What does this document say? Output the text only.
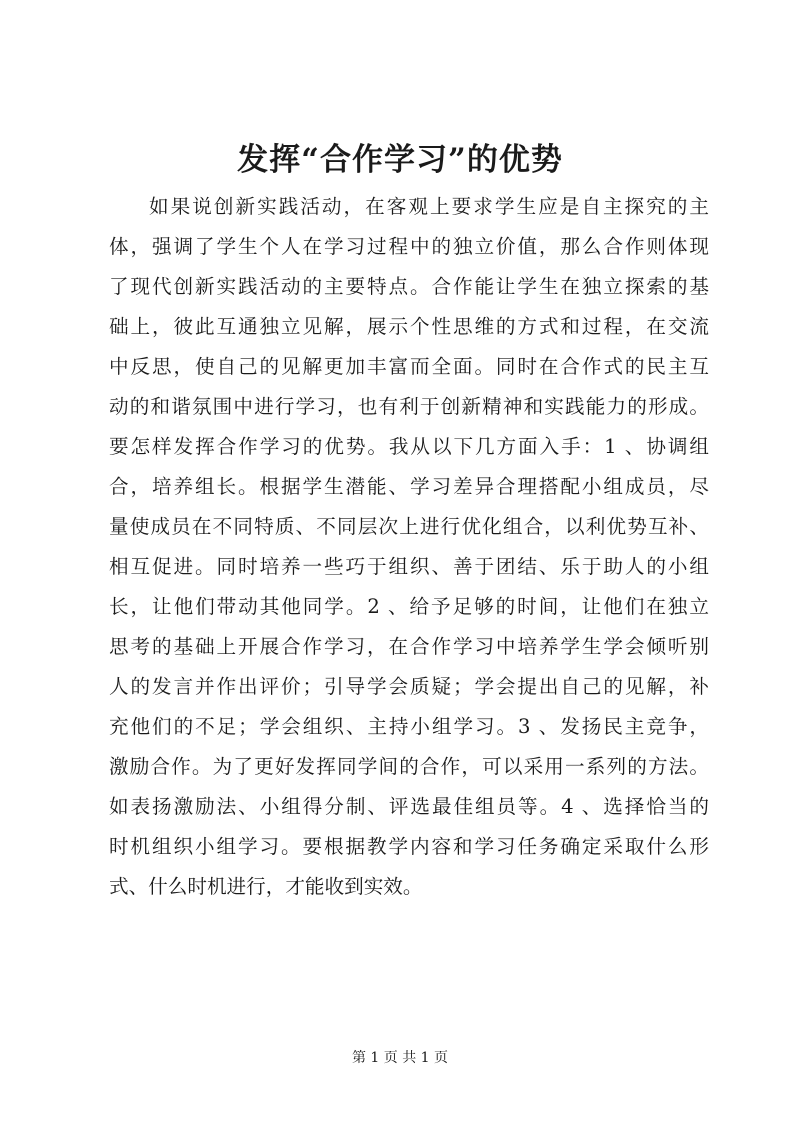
发挥“合作学习”的优势
如果说创新实践活动，在客观上要求学生应是自主探究的主
体，强调了学生个人在学习过程中的独立价值，那么合作则体现
了现代创新实践活动的主要特点。合作能让学生在独立探索的基
础上，彼此互通独立见解，展示个性思维的方式和过程，在交流
中反思，使自己的见解更加丰富而全面。同时在合作式的民主互
动的和谐氛围中进行学习，也有利于创新精神和实践能力的形成。
要怎样发挥合作学习的优势。我从以下几方面入手：1 、协调组
合，培养组长。根据学生潜能、学习差异合理搭配小组成员，尽
量使成员在不同特质、不同层次上进行优化组合，以利优势互补、
相互促进。同时培养一些巧于组织、善于团结、乐于助人的小组
长，让他们带动其他同学。2 、给予足够的时间，让他们在独立
思考的基础上开展合作学习，在合作学习中培养学生学会倾听别
人的发言并作出评价；引导学会质疑；学会提出自己的见解，补
充他们的不足；学会组织、主持小组学习。3 、发扬民主竞争，
激励合作。为了更好发挥同学间的合作，可以采用一系列的方法。
如表扬激励法、小组得分制、评选最佳组员等。4 、选择恰当的
时机组织小组学习。要根据教学内容和学习任务确定采取什么形
式、什么时机进行，才能收到实效。
第 1 页 共 1 页
